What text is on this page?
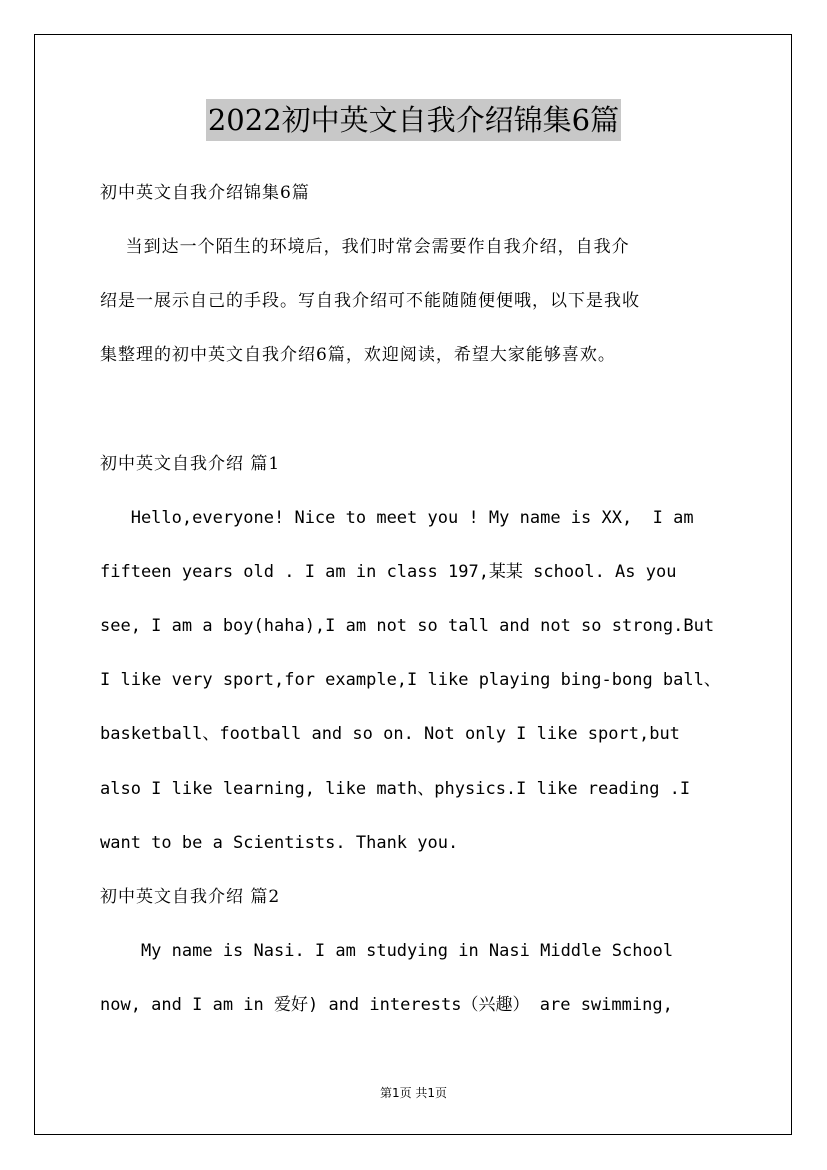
2022初中英文自我介绍锦集6篇
初中英文自我介绍锦集6篇
当到达一个陌生的环境后，我们时常会需要作自我介绍，自我介
绍是一展示自己的手段。写自我介绍可不能随随便便哦，以下是我收
集整理的初中英文自我介绍6篇，欢迎阅读，希望大家能够喜欢。
初中英文自我介绍 篇1
Hello,everyone! Nice to meet you ! My name is XX,  I am
fifteen years old . I am in class 197,某某 school. As you
see, I am a boy(haha),I am not so tall and not so strong.But
I like very sport,for example,I like playing bing-bong ball、
basketball、football and so on. Not only I like sport,but
also I like learning, like math、physics.I like reading .I
want to be a Scientists. Thank you.
初中英文自我介绍 篇2
My name is Nasi. I am studying in Nasi Middle School
now, and I am in 爱好) and interests（兴趣） are swimming,
第1页 共1页
